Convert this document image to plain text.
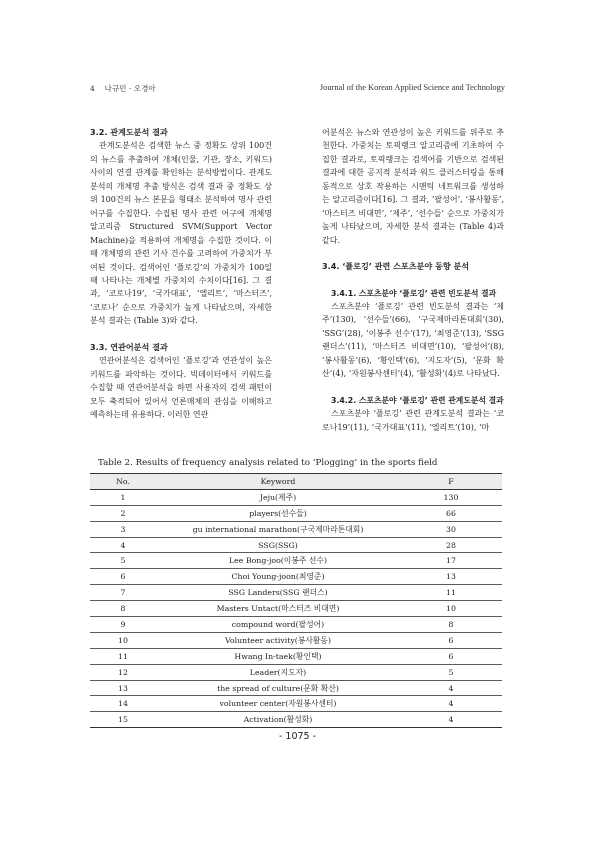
4 나규민 · 오경아	Journal of the Korean Applied Science and Technology

3.2. 관계도분석 결과

관계도분석은 검색한 뉴스 중 정확도 상위 100건의 뉴스를 추출하여 개체(인물, 기관, 장소, 키워드) 사이의 연결 관계를 확인하는 분석방법이다. 관계도분석의 개체명 추출 방식은 검색 결과 중 정확도 상위 100건의 뉴스 본문을 형태소 분석하여 명사 관련 어구를 수집한다. 수집된 명사 관련 어구에 개체명 알고리즘 Structured SVM(Support Vector Machine)을 적용하여 개체명을 수집한 것이다. 이때 개체명의 관련 기사 건수를 고려하여 가중치가 부여된 것이다. 검색어인 ‘플로깅’의 가중치가 100일 때 나타나는 개체별 가중치의 수치이다[16]. 그 결과, ‘코로나19’, ‘국가대표’, ‘엘리트’, ‘마스터즈’, ‘코로나’ 순으로 가중치가 높게 나타났으며, 자세한 분석 결과는 (Table 3)와 같다.

3.3. 연관어분석 결과

연관어분석은 검색어인 ‘플로깅’과 연관성이 높은 키워드를 파악하는 것이다. 빅데이터에서 키워드를 수집할 때 연관어분석을 하면 사용자의 검색 패턴이 모두 축적되어 있어서 언론매체의 관심을 이해하고 예측하는데 유용하다. 이러한 연관

어분석은 뉴스와 연관성이 높은 키워드를 위주로 추천한다. 가중치는 토픽랭크 알고리즘에 기초하여 수집한 결과로, 토픽랭크는 검색어를 기반으로 검색된 결과에 대한 공지적 분석과 워드 클러스터링을 통해 동적으로 상호 작용하는 시맨틱 네트워크를 생성하는 알고리즘이다[16]. 그 결과, ‘팔성어’, ‘봉사활동’, ‘마스터즈 비대면’, ‘제주’, ‘선수들’ 순으로 가중치가 높게 나타났으며, 자세한 분석 결과는 (Table 4)과 같다.

3.4. ‘플로깅’ 관련 스포츠분야 동향 분석

3.4.1. 스포츠분야 ‘플로깅’ 관련 빈도분석 결과

스포츠분야 ‘플로깅’ 관련 빈도분석 결과는 ‘제주’(130), ‘선수들’(66), ‘구국제마라톤대회’(30), ‘SSG’(28), ‘이봉주 선수’(17), ‘최영준’(13), ‘SSG랜더스’(11), ‘마스터즈 비대면’(10), ‘팔성어’(8), ‘봉사활동’(6), ‘황인택’(6), ‘지도자’(5), ‘문화 확산’(4), ‘자원봉사센터’(4), ‘활성화’(4)로 나타났다.

3.4.2. 스포츠분야 ‘플로깅’ 관련 관계도분석 결과

스포츠분야 ‘플로깅’ 관련 관계도분석 결과는 ‘코로나19’(11), ‘국가대표’(11), ‘엘리트’(10), ‘마

Table 2. Results of frequency analysis related to ‘Plogging’ in the sports field
No.	Keyword	F
1	Jeju(제주)	130
2	players(선수들)	66
3	gu international marathon(구국제마라톤대회)	30
4	SSG(SSG)	28
5	Lee Bong-joo(이봉주 선수)	17
6	Choi Young-joon(최영준)	13
7	SSG Landers(SSG 랜더스)	11
8	Masters Untact(마스터즈 비대면)	10
9	compound word(팔성어)	8
10	Volunteer activity(봉사활동)	6
11	Hwang In-taek(황인택)	6
12	Leader(지도자)	5
13	the spread of culture(문화 확산)	4
14	volunteer center(자원봉사센터)	4
15	Activation(활성화)	4
- 1075 -
